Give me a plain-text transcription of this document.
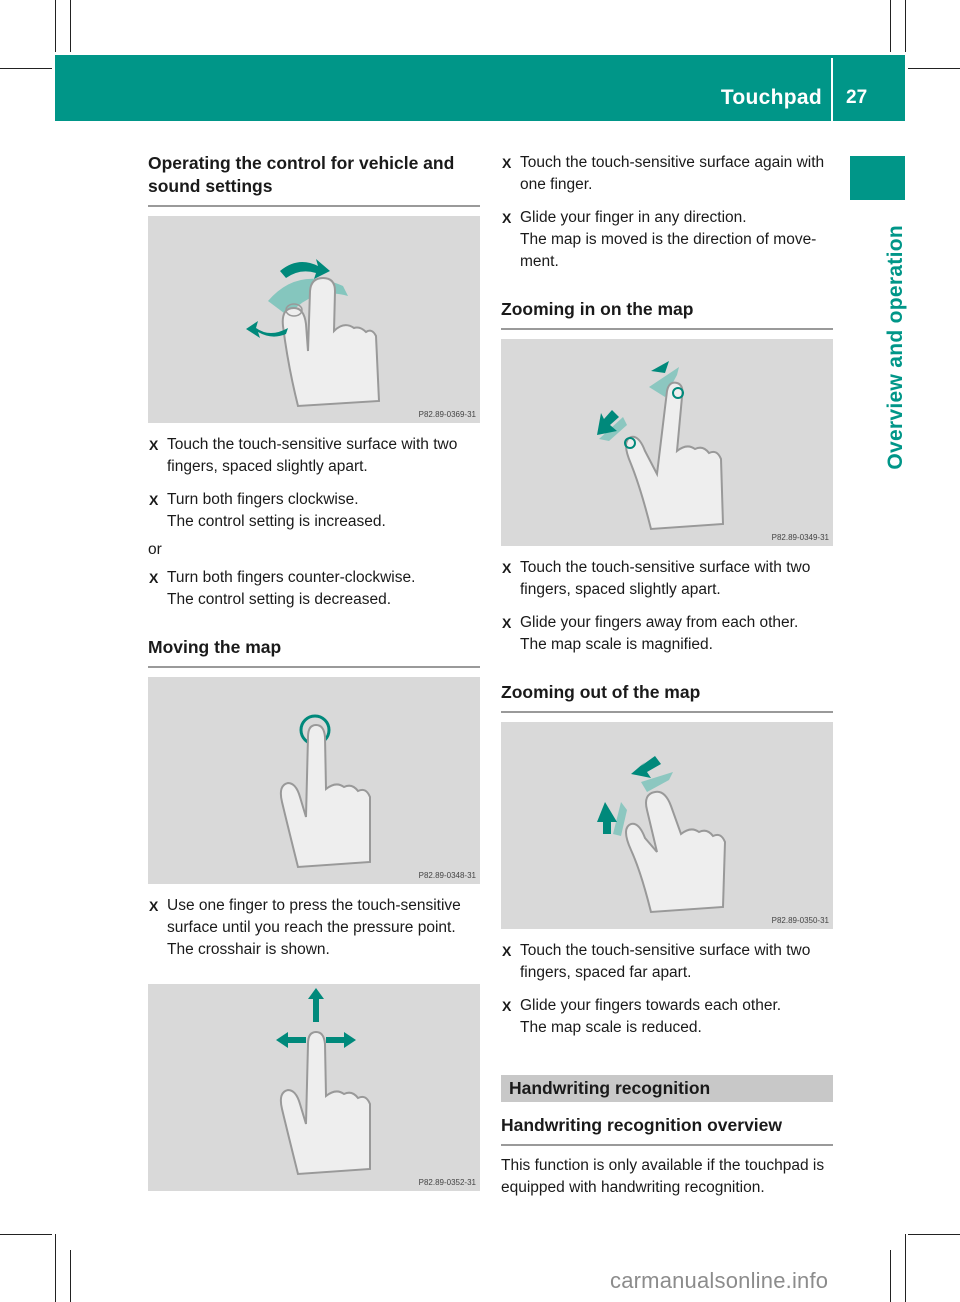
Touchpad 27
Overview and operation
Operating the control for vehicle and sound settings
P82.89-0369-31
X Touch the touch-sensitive surface with two fingers, spaced slightly apart.
X Turn both fingers clockwise.
The control setting is increased.
or
X Turn both fingers counter-clockwise.
The control setting is decreased.
Moving the map
P82.89-0348-31
X Use one finger to press the touch-sensitive surface until you reach the pressure point.
The crosshair is shown.
P82.89-0352-31
X Touch the touch-sensitive surface again with one finger.
X Glide your finger in any direction.
The map is moved is the direction of move-ment.
Zooming in on the map
P82.89-0349-31
X Touch the touch-sensitive surface with two fingers, spaced slightly apart.
X Glide your fingers away from each other.
The map scale is magnified.
Zooming out of the map
P82.89-0350-31
X Touch the touch-sensitive surface with two fingers, spaced far apart.
X Glide your fingers towards each other.
The map scale is reduced.
Handwriting recognition
Handwriting recognition overview
This function is only available if the touchpad is equipped with handwriting recognition.
carmanualsonline.info
